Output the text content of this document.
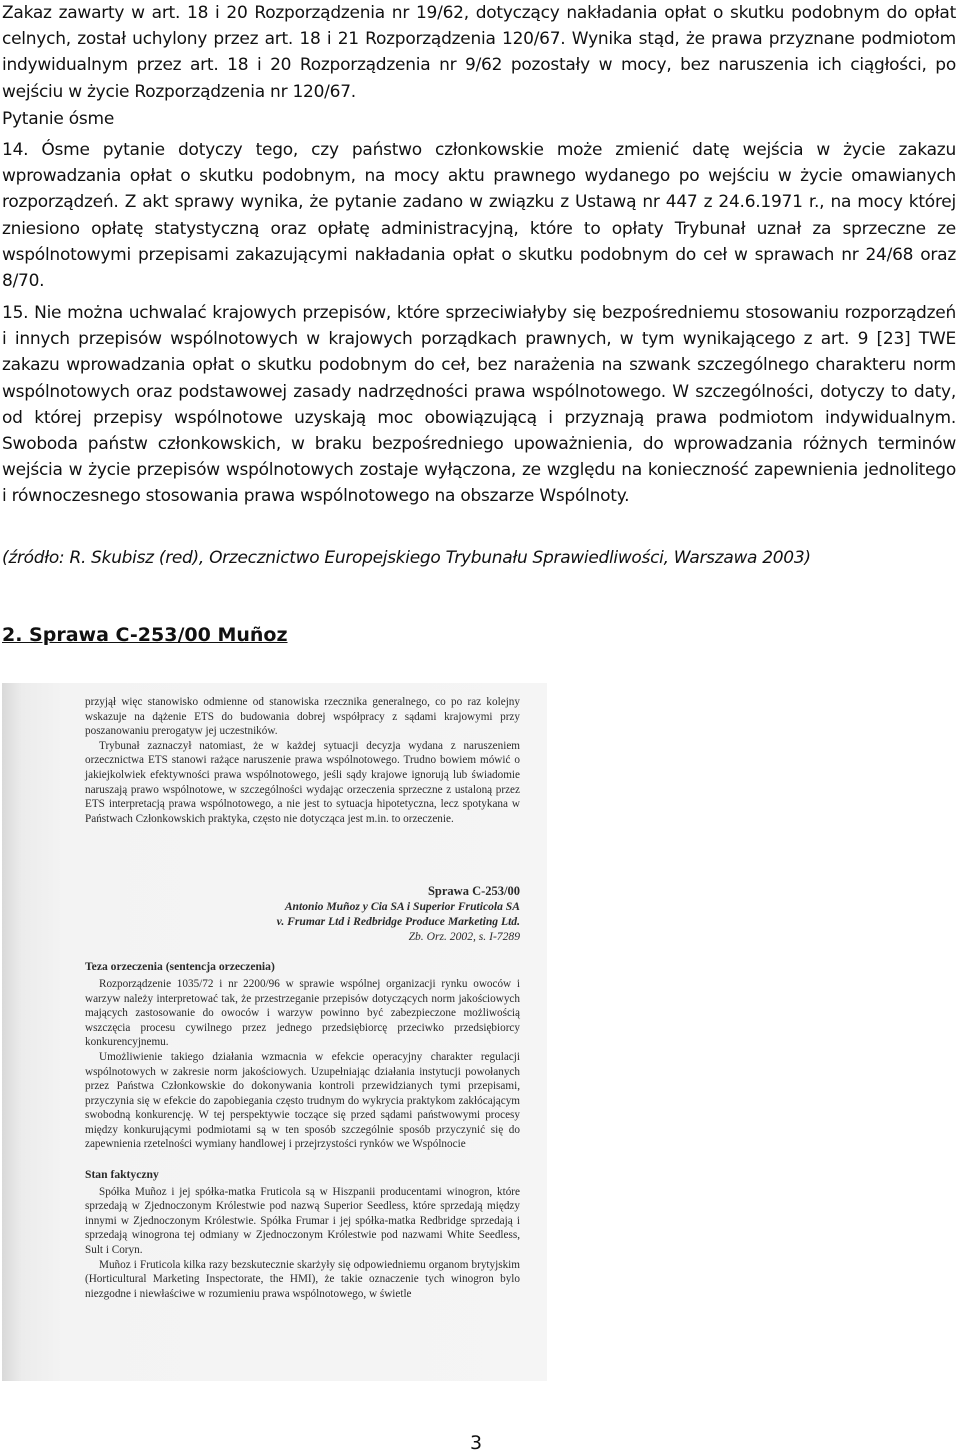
Zakaz zawarty w art. 18 i 20 Rozporządzenia nr 19/62, dotyczący nakładania opłat o skutku podobnym do opłat celnych, został uchylony przez art. 18 i 21 Rozporządzenia 120/67. Wynika stąd, że prawa przyznane podmiotom indywidualnym przez art. 18 i 20 Rozporządzenia nr 9/62 pozostały w mocy, bez naruszenia ich ciągłości, po wejściu w życie Rozporządzenia nr 120/67.

Pytanie ósme

14. Ósme pytanie dotyczy tego, czy państwo członkowskie może zmienić datę wejścia w życie zakazu wprowadzania opłat o skutku podobnym, na mocy aktu prawnego wydanego po wejściu w życie omawianych rozporządzeń. Z akt sprawy wynika, że pytanie zadano w związku z Ustawą nr 447 z 24.6.1971 r., na mocy której zniesiono opłatę statystyczną oraz opłatę administracyjną, które to opłaty Trybunał uznał za sprzeczne ze wspólnotowymi przepisami zakazującymi nakładania opłat o skutku podobnym do ceł w sprawach nr 24/68 oraz 8/70.

15. Nie można uchwalać krajowych przepisów, które sprzeciwiałyby się bezpośredniemu stosowaniu rozporządzeń i innych przepisów wspólnotowych w krajowych porządkach prawnych, w tym wynikającego z art. 9 [23] TWE zakazu wprowadzania opłat o skutku podobnym do ceł, bez narażenia na szwank szczególnego charakteru norm wspólnotowych oraz podstawowej zasady nadrzędności prawa wspólnotowego. W szczególności, dotyczy to daty, od której przepisy wspólnotowe uzyskają moc obowiązującą i przyznają prawa podmiotom indywidualnym. Swoboda państw członkowskich, w braku bezpośredniego upoważnienia, do wprowadzania różnych terminów wejścia w życie przepisów wspólnotowych zostaje wyłączona, ze względu na konieczność zapewnienia jednolitego i równoczesnego stosowania prawa wspólnotowego na obszarze Wspólnoty.

(źródło: R. Skubisz (red), Orzecznictwo Europejskiego Trybunału Sprawiedliwości, Warszawa 2003)

2. Sprawa C-253/00 Muñoz

przyjął więc stanowisko odmienne od stanowiska rzecznika generalnego, co po raz kolejny wskazuje na dążenie ETS do budowania dobrej współpracy z sądami krajowymi przy poszanowaniu prerogatyw jej uczestników.

Trybunał zaznaczył natomiast, że w każdej sytuacji decyzja wydana z naruszeniem orzecznictwa ETS stanowi rażące naruszenie prawa wspólnotowego. Trudno bowiem mówić o jakiejkolwiek efektywności prawa wspólnotowego, jeśli sądy krajowe ignorują lub świadomie naruszają prawo wspólnotowe, w szczególności wydając orzeczenia sprzeczne z ustaloną przez ETS interpretacją prawa wspólnotowego, a nie jest to sytuacja hipotetyczna, lecz spotykana w Państwach Członkowskich praktyka, często nie dotycząca jest m.in. to orzeczenie.

Sprawa C-253/00
Antonio Muñoz y Cia SA i Superior Fruticola SA
v. Frumar Ltd i Redbridge Produce Marketing Ltd.
Zb. Orz. 2002, s. I-7289
Teza orzeczenia (sentencja orzeczenia)

Rozporządzenie 1035/72 i nr 2200/96 w sprawie wspólnej organizacji rynku owoców i warzyw należy interpretować tak, że przestrzeganie przepisów dotyczących norm jakościowych mających zastosowanie do owoców i warzyw powinno być zabezpieczone możliwością wszczęcia procesu cywilnego przez jednego przedsiębiorcę przeciwko przedsiębiorcy konkurencyjnemu.

Umożliwienie takiego działania wzmacnia w efekcie operacyjny charakter regulacji wspólnotowych w zakresie norm jakościowych. Uzupełniając działania instytucji powołanych przez Państwa Członkowskie do dokonywania kontroli przewidzianych tymi przepisami, przyczynia się w efekcie do zapobiegania często trudnym do wykrycia praktykom zakłócającym swobodną konkurencję. W tej perspektywie toczące się przed sądami państwowymi procesy między konkurującymi podmiotami są w ten sposób szczególnie sposób przyczynić się do zapewnienia rzetelności wymiany handlowej i przejrzystości rynków we Wspólnocie

Stan faktyczny

Spółka Muñoz i jej spółka-matka Fruticola są w Hiszpanii producentami winogron, które sprzedają w Zjednoczonym Królestwie pod nazwą Superior Seedless, które sprzedają między innymi w Zjednoczonym Królestwie. Spółka Frumar i jej spółka-matka Redbridge sprzedają i sprzedają winogrona tej odmiany w Zjednoczonym Królestwie pod nazwami White Seedless, Sult i Coryn.

Muñoz i Fruticola kilka razy bezskutecznie skarżyły się odpowiedniemu organom brytyjskim (Horticultural Marketing Inspectorate, the HMI), że takie oznaczenie tych winogron bylo niezgodne i niewłaściwe w rozumieniu prawa wspólnotowego, w świetle

3
